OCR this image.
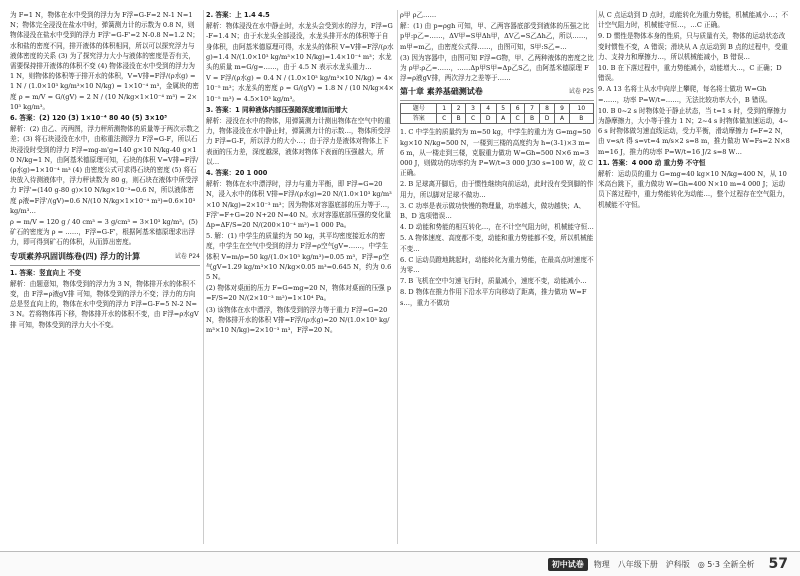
为 F=1 N，物体在水中受到的浮力为 F浮=G-F=2 N-1 N=1 N；物体完全浸没在盐水中时，弹簧测力计的示数为 0.8 N，则物体浸没在盐水中受到的浮力 F浮'=G-F'=2 N-0.8 N=1.2 N；水和盐的密度不同，排开液体的体积相同，所以可以探究浮力与液体密度的关系 (3) 为了探究浮力大小与液体的密度是否有关，需要保持排开液体的体积不变 (4) 物体浸没在水中受到的浮力为 1 N，则物体的体积等于排开水的体积，V=V排=F浮/(ρ水g) = 1 N / (1.0×10³ kg/m³×10 N/kg) = 1×10⁻⁴ m³，金属块的密度 ρ = m/V = G/(gV) = 2 N / (10 N/kg×1×10⁻⁴ m³) = 2×10³ kg/m³。

6. 答案：(2) 120 (3) 1×10⁻⁴ 80 40 (5) 3×10³

解析：(2) 由乙、丙两图，浮力秤所测物体的质量等于两次示数之差；(3) 将石块浸没在水中，由称重法测浮力 F浮=G-F，所以石块浸没时受到的浮力 F浮=mg-m'g=140 g×10 N/kg-40 g×10 N/kg=1 N，由阿基米德原理可知，石块的体积 V=V排=F浮/(ρ水g)=1×10⁻⁴ m³ (4) 由密度公式可求得石块的密度 (5) 将石块放入待测液体中，浮力秤读数为 80 g，则石块在液体中所受浮力 F浮'=(140 g-80 g)×10 N/kg×10⁻³=0.6 N，所以液体密度 ρ液=F浮'/(gV)=0.6 N/(10 N/kg×1×10⁻⁴ m³)=0.6×10³ kg/m³…

ρ = m/V = 120 g / 40 cm³ = 3 g/cm³ = 3×10³ kg/m³。(5) 矿石的密度为 ρ = ……，F浮=G-F'，根据阿基米德原理求出浮力，即可得到矿石的体积，从而算出密度。

专项素养巩固训练卷(四) 浮力的计算	试卷 P24

1. 答案：竖直向上 不变

解析：由题意知，物体受到的浮力为 3 N，物体排开水的体积不变，由 F浮=ρ液gV排 可知，物体受到的浮力不变；浮力的方向总是竖直向上的，物体在水中受到的浮力 F浮=G-F=5 N-2 N=3 N。若将物体再下移，物体排开水的体积不变，由 F浮=ρ水gV排 可知，物体受到的浮力大小不变。

2. 答案：上 1.4 4.5

解析：物体浸没在水中静止时，水龙头会受到水的浮力，F浮=G-F=1.4 N；由于水龙头全部浸没，水龙头排开水的体积等于自身体积，由阿基米德原理可得，水龙头的体积 V=V排=F浮/(ρ水g)=1.4 N/(1.0×10³ kg/m³×10 N/kg)=1.4×10⁻⁴ m³；水龙头的质量 m=G/g=……，由于 4.5 N 表示水龙头重力…

V = F浮/(ρ水g) = 0.4 N / (1.0×10³ kg/m³×10 N/kg) = 4×10⁻⁵ m³；水龙头的密度 ρ = G/(gV) = 1.8 N / (10 N/kg×4×10⁻⁵ m³) = 4.5×10³ kg/m³。

3. 答案：1 同种液体内部压强随深度增加而增大

解析：浸没在水中的物体，用弹簧测力计测出物体在空气中的重力，物体浸没在水中静止时，弹簧测力计的示数…，物体所受浮力 F浮=G-F，所以浮力的大小…；由于浮力是液体对物体上下表面的压力差，深度越深，液体对物体下表面的压强越大，所以…

4. 答案：20 1 000

解析：物体在水中漂浮时，浮力与重力平衡，即 F浮=G=20 N，浸入水中的体积 V排=F浮/(ρ水g)=20 N/(1.0×10³ kg/m³×10 N/kg)=2×10⁻³ m³；因为物体对容器底部的压力等于…，F浮'=F+G=20 N+20 N=40 N。水对容器底部压强的变化量 Δp=ΔF/S=20 N/(200×10⁻⁴ m²)=1 000 Pa。

5. 解：(1) 中学生的质量约为 50 kg，其平均密度接近水的密度，中学生在空气中受到的浮力 F浮=ρ空气gV=……，中学生体积 V=m/ρ=50 kg/(1.0×10³ kg/m³)=0.05 m³，F浮=ρ空气gV=1.29 kg/m³×10 N/kg×0.05 m³=0.645 N，约为 0.65 N。

(2) 物体对桌面的压力 F=G=mg=20 N，物体对桌面的压强 p=F/S=20 N/(2×10⁻³ m²)=1×10⁴ Pa。

(3) 该物体在水中漂浮，物体受到的浮力等于重力 F浮=G=20 N，物体排开水的体积 V排=F浮/(ρ水g)=20 N/(1.0×10³ kg/m³×10 N/kg)=2×10⁻³ m³，F浮=20 N。

ρ甲 ρ乙……

解：(1) 由 p=ρgh 可知，甲、乙两容器底部受到液体的压强之比 p甲:p乙=……，ΔV甲=S甲Δh甲，ΔV乙=S乙Δh乙，所以……，m甲=m乙，由密度公式得……，由图可知，S甲:S乙=…

(3) 因为容器中，由图可知 F浮=G物，甲、乙两种液体的密度之比为 ρ甲:ρ乙=……，……Δp甲S甲=Δp乙S乙，由阿基米德原理 F浮=ρ液gV排，两次浮力之差等于……

第十章 素养基础测试卷	试卷 P25
题号	1	2	3	4	5	6	7	8	9	10
答案	C	B	C	D	A	C	B	D	A	B

1. C 中学生的质量约为 m=50 kg，中学生的重力为 G=mg=50 kg×10 N/kg=500 N，一楼到三楼的高度约为 h=(3-1)×3 m=6 m，从一楼走到三楼，克服重力做功 W=Gh=500 N×6 m=3 000 J，则做功的功率约为 P=W/t=3 000 J/30 s=100 W，故 C 正确。

2. B 足球离开脚后，由于惯性继续向前运动，此时没有受到脚的作用力，所以脚对足球不做功…

3. C 功率是表示做功快慢的物理量，功率越大，做功越快；A、B、D 选项错误…

4. D 动能和势能的相互转化…，在不计空气阻力时，机械能守恒…

5. A 物体速度、高度都不变，动能和重力势能都不变，所以机械能不变…

6. C 运动员蹬地跳起时，动能转化为重力势能，在最高点时速度不为零…

7. B 飞机在空中匀速飞行时，质量减小，速度不变，动能减小…

8. D 物体在推力作用下沿水平方向移动了距离，推力做功 W=Fs…，重力不做功

从 C 点运动到 D 点时，动能转化为重力势能，机械能减小…；不计空气阻力时，机械能守恒…，…C 正确。

9. D 惯性是物体本身的性质，只与质量有关，物体的运动状态改变时惯性不变，A 错误；滑块从 A 点运动到 B 点的过程中，受重力、支持力和摩擦力…，所以机械能减小，B 错误…

10. B 在下落过程中，重力势能减小，动能增大…，C 正确；D 错误。

9. A 13 名将士从水中向岸上攀爬，每名将士做功 W=Gh=……，功率 P=W/t=……，无法比较功率大小，B 错误。

10. B 0~2 s 时物体处于静止状态，当 t=1 s 时，受到的摩擦力为静摩擦力，大小等于推力 1 N；2~4 s 时物体做加速运动，4~6 s 时物体做匀速直线运动，受力平衡，滑动摩擦力 f=F=2 N，由 v=s/t 得 s=vt=4 m/s×2 s=8 m，推力做功 W=Fs=2 N×8 m=16 J，推力的功率 P=W/t=16 J/2 s=8 W…

11. 答案：4 000 动 重力势 不守恒

解析：运动员的重力 G=mg=40 kg×10 N/kg=400 N，从 10 米高台跳下，重力做功 W=Gh=400 N×10 m=4 000 J；运动员下落过程中，重力势能转化为动能…，整个过程存在空气阻力，机械能不守恒。

初中试卷	物理 八年级下册 沪科版 ◎ 5·3 全新全析 57
